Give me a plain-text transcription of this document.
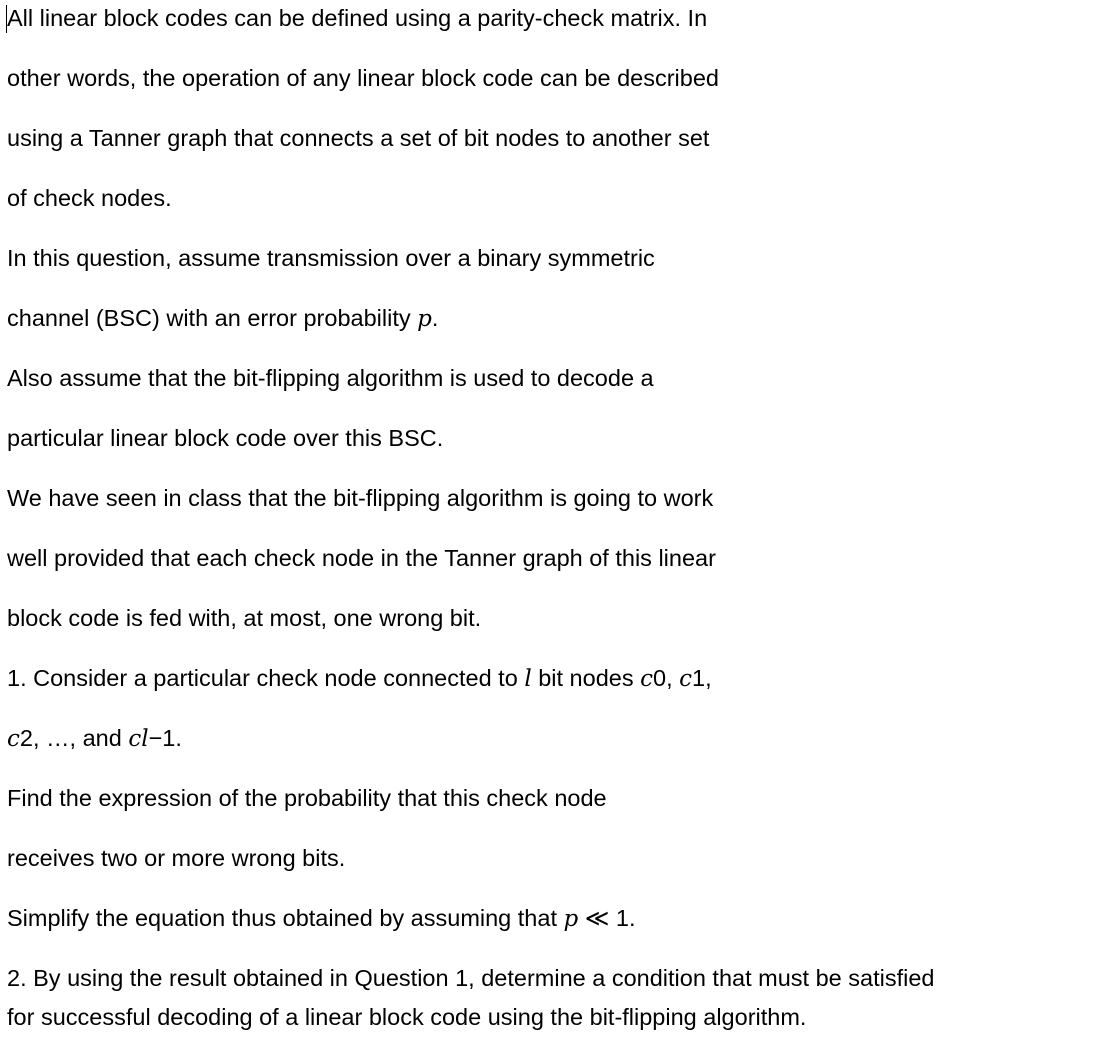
All linear block codes can be defined using a parity-check matrix. In
other words, the operation of any linear block code can be described
using a Tanner graph that connects a set of bit nodes to another set
of check nodes.
In this question, assume transmission over a binary symmetric
channel (BSC) with an error probability p.
Also assume that the bit-flipping algorithm is used to decode a
particular linear block code over this BSC.
We have seen in class that the bit-flipping algorithm is going to work
well provided that each check node in the Tanner graph of this linear
block code is fed with, at most, one wrong bit.
1. Consider a particular check node connected to l bit nodes c0, c1,
c2, …, and cl−1.
Find the expression of the probability that this check node
receives two or more wrong bits.
Simplify the equation thus obtained by assuming that p ≪ 1.
2. By using the result obtained in Question 1, determine a condition that must be satisfied
for successful decoding of a linear block code using the bit-flipping algorithm.
